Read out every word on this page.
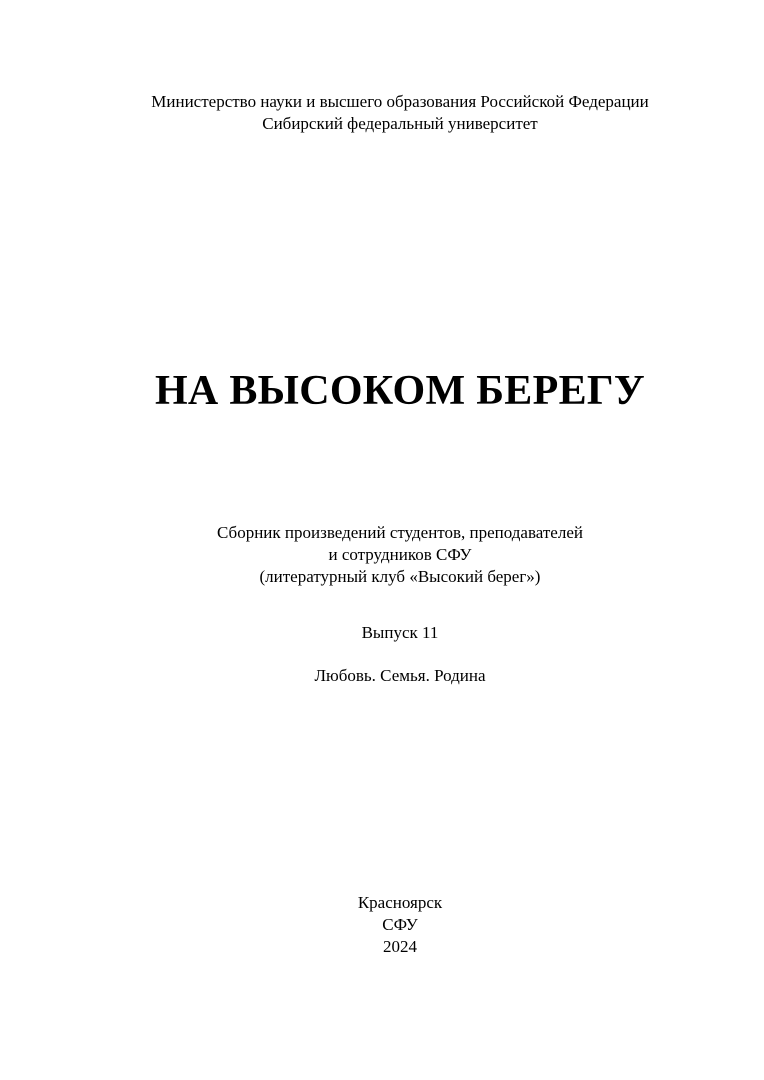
Министерство науки и высшего образования Российской Федерации
Сибирский федеральный университет
НА ВЫСОКОМ БЕРЕГУ
Сборник произведений студентов, преподавателей
и сотрудников СФУ
(литературный клуб «Высокий берег»)
Выпуск 11
Любовь. Семья. Родина
Красноярск
СФУ
2024
